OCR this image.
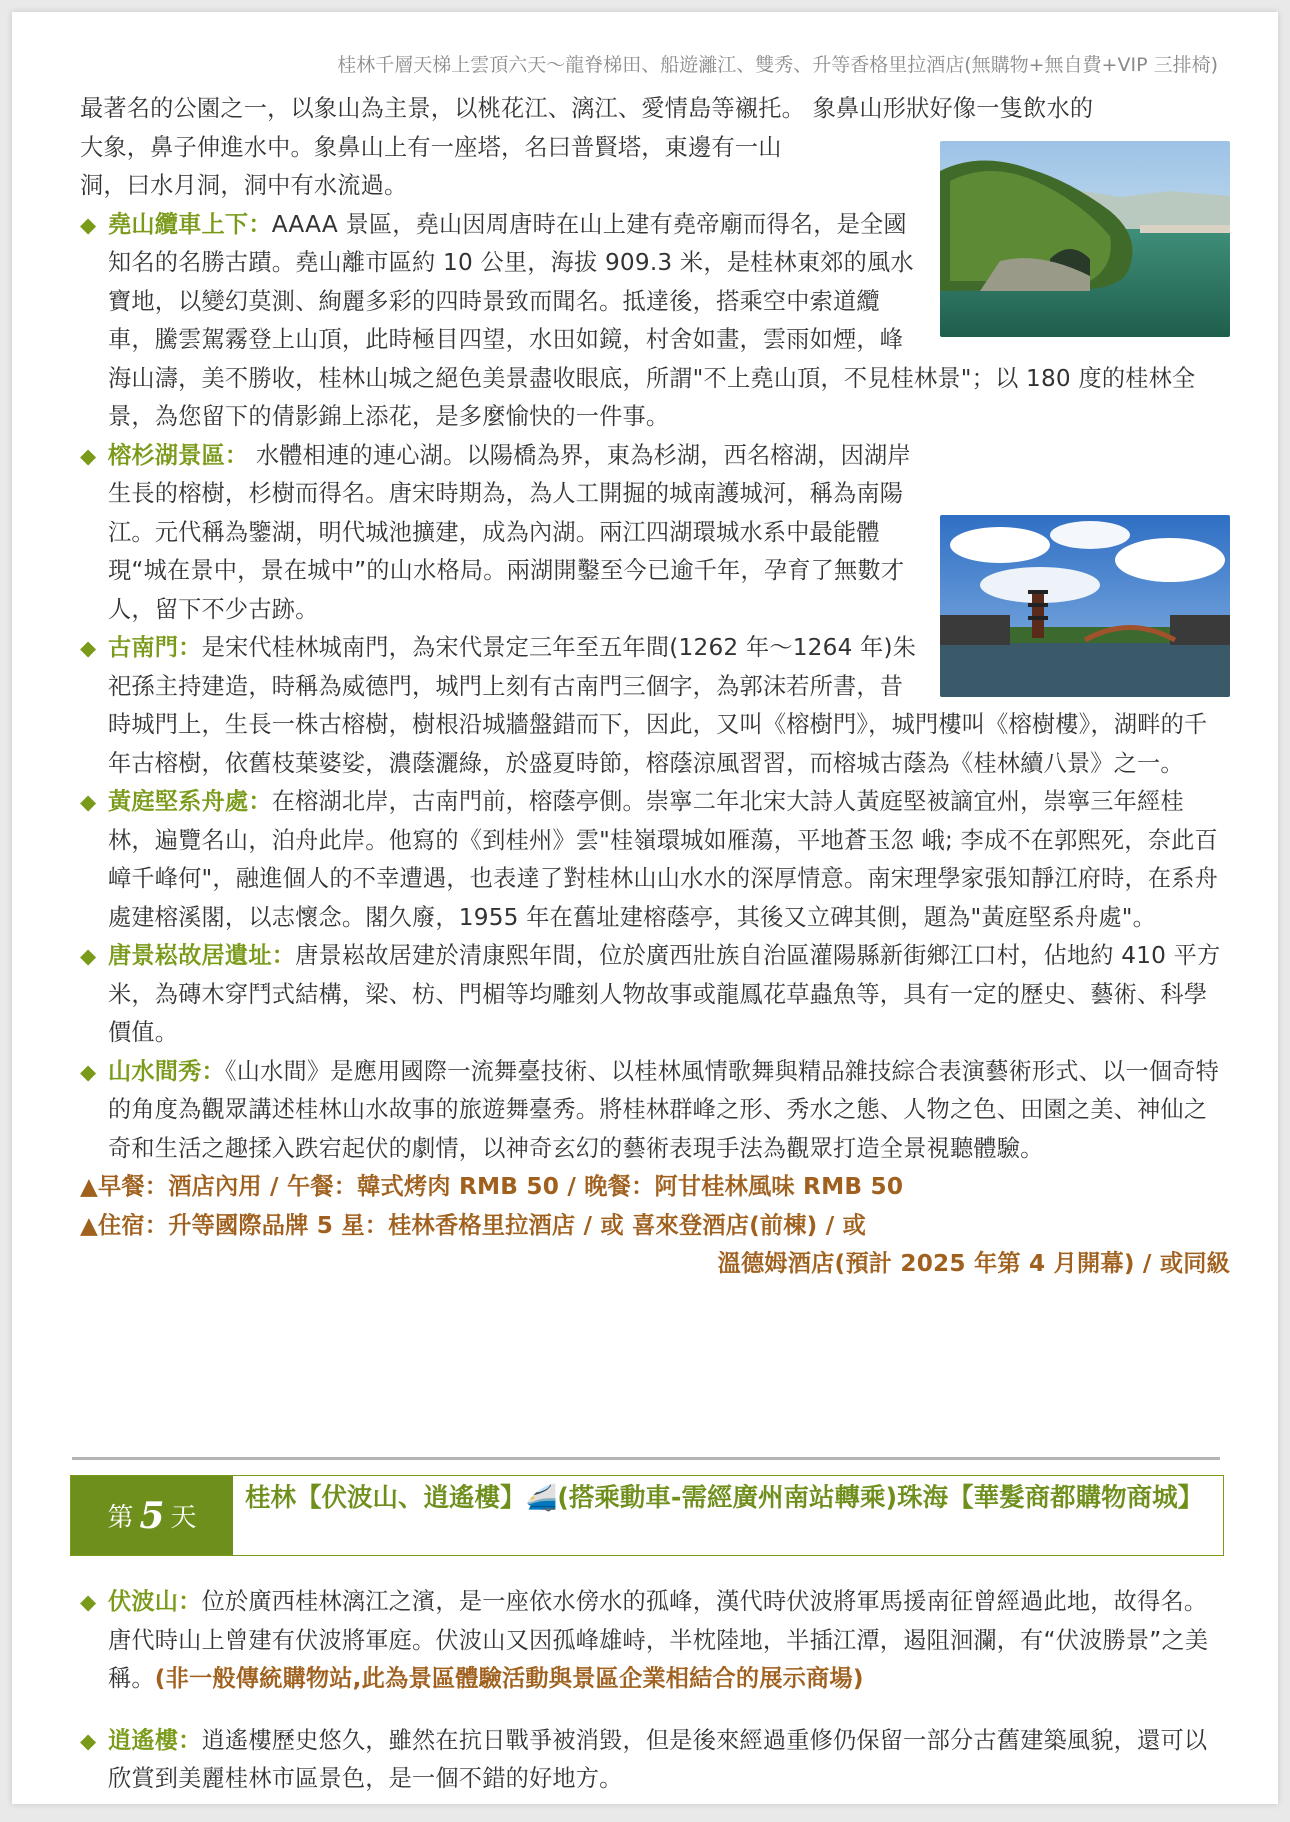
桂林千層天梯上雲頂六天～龍脊梯田、船遊灕江、雙秀、升等香格里拉酒店(無購物+無自費+VIP 三排椅)

最著名的公園之一，以象山為主景，以桃花江、漓江、愛情島等襯托。 象鼻山形狀好像一隻飲水的

大象，鼻子伸進水中。象鼻山上有一座塔，名曰普賢塔，東邊有一山

洞，曰水月洞，洞中有水流過。

◆ 堯山纜車上下：AAAA 景區，堯山因周唐時在山上建有堯帝廟而得名，是全國知名的名勝古蹟。堯山離市區約 10 公里，海拔 909.3 米，是桂林東郊的風水寶地，以變幻莫測、絢麗多彩的四時景致而聞名。抵達後，搭乘空中索道纜車，騰雲駕霧登上山頂，此時極目四望，水田如鏡，村舍如畫，雲雨如煙，峰海山濤，美不勝收，桂林山城之絕色美景盡收眼底，所謂"不上堯山頂，不見桂林景"；以 180 度的桂林全景，為您留下的倩影錦上添花，是多麼愉快的一件事。

◆ 榕杉湖景區： 水體相連的連心湖。以陽橋為界，東為杉湖，西名榕湖，因湖岸生長的榕樹，杉樹而得名。唐宋時期為，為人工開掘的城南護城河，稱為南陽江。元代稱為鑒湖，明代城池擴建，成為內湖。兩江四湖環城水系中最能體現“城在景中，景在城中”的山水格局。兩湖開鑿至今已逾千年，孕育了無數才人，留下不少古跡。

◆ 古南門：是宋代桂林城南門，為宋代景定三年至五年間(1262 年～1264 年)朱祀孫主持建造，時稱為威德門，城門上刻有古南門三個字，為郭沫若所書，昔時城門上，生長一株古榕樹，樹根沿城牆盤錯而下，因此，又叫《榕樹門》，城門樓叫《榕樹樓》，湖畔的千年古榕樹，依舊枝葉婆娑，濃蔭灑綠，於盛夏時節，榕蔭涼風習習，而榕城古蔭為《桂林續八景》之一。

◆ 黃庭堅系舟處：在榕湖北岸，古南門前，榕蔭亭側。崇寧二年北宋大詩人黃庭堅被謫宜州，崇寧三年經桂林，遍覽名山，泊舟此岸。他寫的《到桂州》雲"桂嶺環城如雁蕩，平地蒼玉忽 峨; 李成不在郭熙死，奈此百嶂千峰何"，融進個人的不幸遭遇，也表達了對桂林山山水水的深厚情意。南宋理學家張知靜江府時，在系舟處建榕溪閣，以志懷念。閣久廢，1955 年在舊址建榕蔭亭，其後又立碑其側，題為"黃庭堅系舟處"。

◆ 唐景崧故居遺址：唐景崧故居建於清康熙年間，位於廣西壯族自治區灌陽縣新街鄉江口村，佔地約 410 平方米，為磚木穿鬥式結構，梁、枋、門楣等均雕刻人物故事或龍鳳花草蟲魚等，具有一定的歷史、藝術、科學價值。

◆ 山水間秀：《山水間》是應用國際一流舞臺技術、以桂林風情歌舞與精品雜技綜合表演藝術形式、以一個奇特的角度為觀眾講述桂林山水故事的旅遊舞臺秀。將桂林群峰之形、秀水之態、人物之色、田園之美、神仙之奇和生活之趣揉入跌宕起伏的劇情，以神奇玄幻的藝術表現手法為觀眾打造全景視聽體驗。

▲早餐：酒店內用 / 午餐：韓式烤肉 RMB 50 / 晚餐：阿甘桂林風味 RMB 50

▲住宿：升等國際品牌 5 星：桂林香格里拉酒店 / 或 喜來登酒店(前棟) / 或

溫德姆酒店(預計 2025 年第 4 月開幕) / 或同級

第 5 天
桂林【伏波山、逍遙樓】🚄(搭乘動車-需經廣州南站轉乘)珠海【華髮商都購物商城】

◆ 伏波山：位於廣西桂林漓江之濱，是一座依水傍水的孤峰，漢代時伏波將軍馬援南征曾經過此地，故得名。唐代時山上曾建有伏波將軍庭。伏波山又因孤峰雄峙，半枕陸地，半插江潭，遏阻洄瀾，有“伏波勝景”之美稱。(非一般傳統購物站,此為景區體驗活動與景區企業相結合的展示商場)

◆ 逍遙樓：逍遙樓歷史悠久，雖然在抗日戰爭被消毀，但是後來經過重修仍保留一部分古舊建築風貌，還可以欣賞到美麗桂林市區景色，是一個不錯的好地方。
